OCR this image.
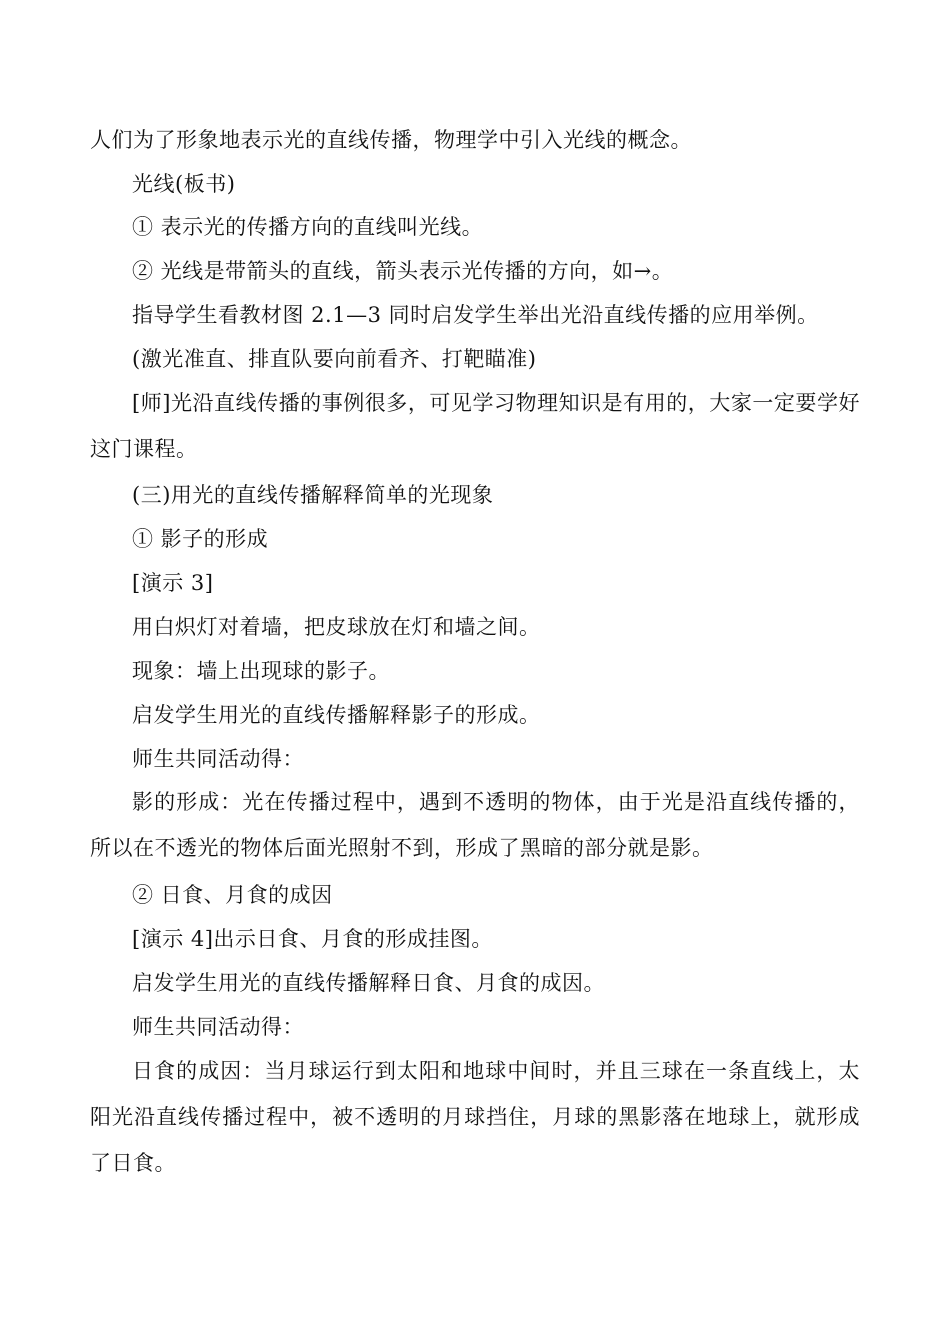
人们为了形象地表示光的直线传播，物理学中引入光线的概念。
光线(板书)
① 表示光的传播方向的直线叫光线。
② 光线是带箭头的直线，箭头表示光传播的方向，如→。
指导学生看教材图 2.1—3 同时启发学生举出光沿直线传播的应用举例。
(激光准直、排直队要向前看齐、打靶瞄准)
[师]光沿直线传播的事例很多，可见学习物理知识是有用的，大家一定要学好这门课程。
(三)用光的直线传播解释简单的光现象
① 影子的形成
[演示 3]
用白炽灯对着墙，把皮球放在灯和墙之间。
现象：墙上出现球的影子。
启发学生用光的直线传播解释影子的形成。
师生共同活动得：
影的形成：光在传播过程中，遇到不透明的物体，由于光是沿直线传播的，所以在不透光的物体后面光照射不到，形成了黑暗的部分就是影。
② 日食、月食的成因
[演示 4]出示日食、月食的形成挂图。
启发学生用光的直线传播解释日食、月食的成因。
师生共同活动得：
日食的成因：当月球运行到太阳和地球中间时，并且三球在一条直线上，太阳光沿直线传播过程中，被不透明的月球挡住，月球的黑影落在地球上，就形成了日食。
